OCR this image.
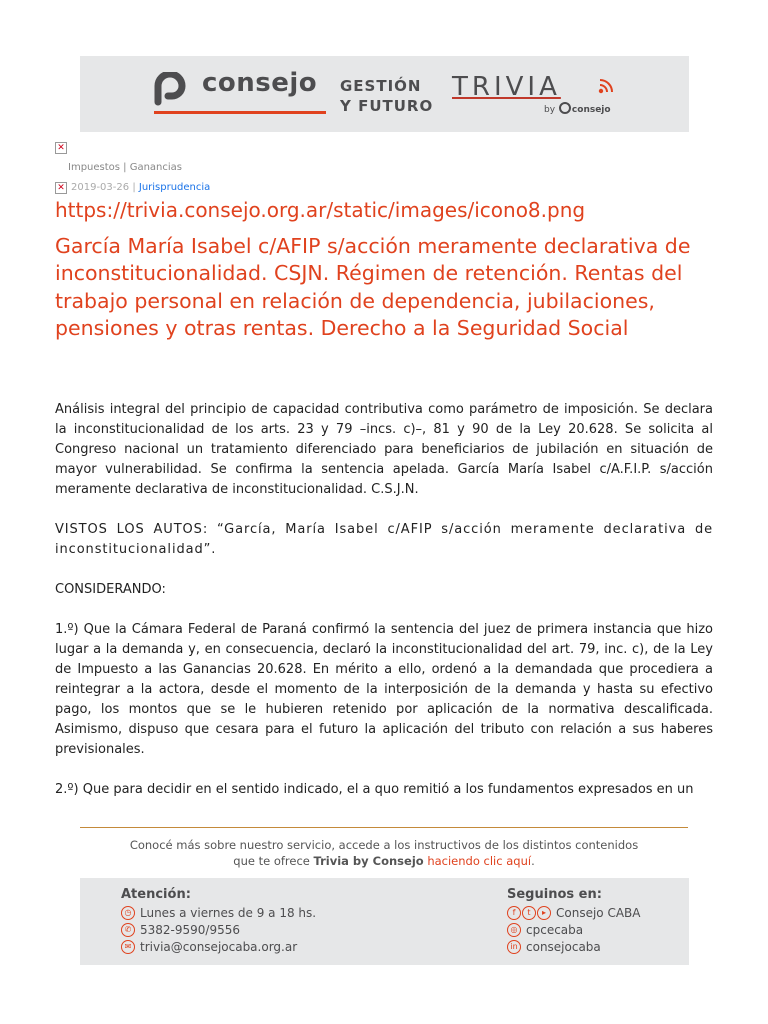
consejo GESTIÓN
Y FUTURO
TRIVIA
by consejo
✕
Impuestos | Ganancias
✕ 2019-03-26 | Jurisprudencia
https://trivia.consejo.org.ar/static/images/icono8.png
García María Isabel c/AFIP s/acción meramente declarativa de inconstitucionalidad. CSJN. Régimen de retención. Rentas del trabajo personal en relación de dependencia, jubilaciones, pensiones y otras rentas. Derecho a la Seguridad Social
Análisis integral del principio de capacidad contributiva como parámetro de imposición. Se declara la inconstitucionalidad de los arts. 23 y 79 –incs. c)–, 81 y 90 de la Ley 20.628. Se solicita al Congreso nacional un tratamiento diferenciado para beneficiarios de jubilación en situación de mayor vulnerabilidad. Se confirma la sentencia apelada. García María Isabel c/A.F.I.P. s/acción meramente declarativa de inconstitucionalidad. C.S.J.N.
VISTOS LOS AUTOS: “García, María Isabel c/AFIP s/acción meramente declarativa de inconstitucionalidad”.
CONSIDERANDO:
1.º) Que la Cámara Federal de Paraná confirmó la sentencia del juez de primera instancia que hizo lugar a la demanda y, en consecuencia, declaró la inconstitucionalidad del art. 79, inc. c), de la Ley de Impuesto a las Ganancias 20.628. En mérito a ello, ordenó a la demandada que procediera a reintegrar a la actora, desde el momento de la interposición de la demanda y hasta su efectivo pago, los montos que se le hubieren retenido por aplicación de la normativa descalificada. Asimismo, dispuso que cesara para el futuro la aplicación del tributo con relación a sus haberes previsionales.
2.º) Que para decidir en el sentido indicado, el a quo remitió a los fundamentos expresados en un
Conocé más sobre nuestro servicio, accede a los instructivos de los distintos contenidos
que te ofrece Trivia by Consejo haciendo clic aquí.
Atención:
◷ Lunes a viernes de 9 a 18 hs.
✆ 5382-9590/9556
✉ trivia@consejocaba.org.ar
Seguinos en:
f	t	▸ Consejo CABA
◎ cpcecaba
in consejocaba
